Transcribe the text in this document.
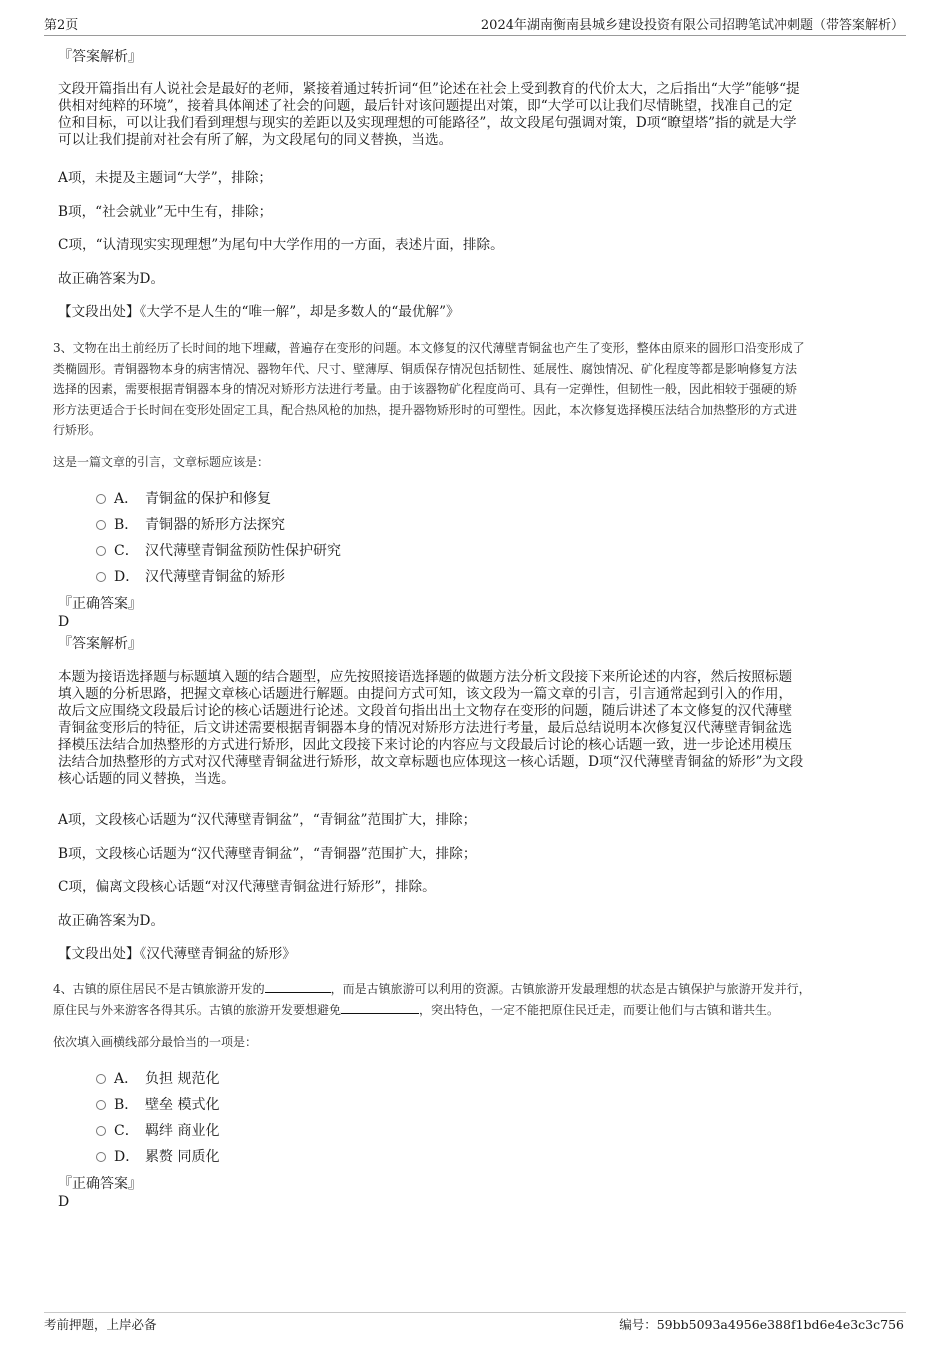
第2页	2024年湖南衡南县城乡建设投资有限公司招聘笔试冲刺题（带答案解析）
『答案解析』
文段开篇指出有人说社会是最好的老师，紧接着通过转折词“但”论述在社会上受到教育的代价太大，之后指出“大学”能够“提
供相对纯粹的环境”，接着具体阐述了社会的问题，最后针对该问题提出对策，即“大学可以让我们尽情眺望，找准自己的定
位和目标，可以让我们看到理想与现实的差距以及实现理想的可能路径”，故文段尾句强调对策，D项“瞭望塔”指的就是大学
可以让我们提前对社会有所了解，为文段尾句的同义替换，当选。
A项，未提及主题词“大学”，排除；
B项，“社会就业”无中生有，排除；
C项，“认清现实实现理想”为尾句中大学作用的一方面，表述片面，排除。
故正确答案为D。
【文段出处】《大学不是人生的“唯一解”，却是多数人的“最优解”》
3、文物在出土前经历了长时间的地下埋藏，普遍存在变形的问题。本文修复的汉代薄壁青铜盆也产生了变形，整体由原来的圆形口沿变形成了
类椭圆形。青铜器物本身的病害情况、器物年代、尺寸、壁薄厚、铜质保存情况包括韧性、延展性、腐蚀情况、矿化程度等都是影响修复方法
选择的因素，需要根据青铜器本身的情况对矫形方法进行考量。由于该器物矿化程度尚可、具有一定弹性，但韧性一般，因此相较于强硬的矫
形方法更适合于长时间在变形处固定工具，配合热风枪的加热，提升器物矫形时的可塑性。因此，本次修复选择模压法结合加热整形的方式进
行矫形。
这是一篇文章的引言，文章标题应该是：
A． 青铜盆的保护和修复
B． 青铜器的矫形方法探究
C． 汉代薄壁青铜盆预防性保护研究
D． 汉代薄壁青铜盆的矫形
『正确答案』
D
『答案解析』
本题为接语选择题与标题填入题的结合题型，应先按照接语选择题的做题方法分析文段接下来所论述的内容，然后按照标题
填入题的分析思路，把握文章核心话题进行解题。由提问方式可知，该文段为一篇文章的引言，引言通常起到引入的作用，
故后文应围绕文段最后讨论的核心话题进行论述。文段首句指出出土文物存在变形的问题，随后讲述了本文修复的汉代薄壁
青铜盆变形后的特征，后文讲述需要根据青铜器本身的情况对矫形方法进行考量，最后总结说明本次修复汉代薄壁青铜盆选
择模压法结合加热整形的方式进行矫形，因此文段接下来讨论的内容应与文段最后讨论的核心话题一致，进一步论述用模压
法结合加热整形的方式对汉代薄壁青铜盆进行矫形，故文章标题也应体现这一核心话题，D项“汉代薄壁青铜盆的矫形”为文段
核心话题的同义替换，当选。
A项，文段核心话题为“汉代薄壁青铜盆”，“青铜盆”范围扩大，排除；
B项，文段核心话题为“汉代薄壁青铜盆”，“青铜器”范围扩大，排除；
C项，偏离文段核心话题“对汉代薄壁青铜盆进行矫形”，排除。
故正确答案为D。
【文段出处】《汉代薄壁青铜盆的矫形》
4、古镇的原住居民不是古镇旅游开发的	，而是古镇旅游可以利用的资源。古镇旅游开发最理想的状态是古镇保护与旅游开发并行，
原住民与外来游客各得其乐。古镇的旅游开发要想避免	，突出特色，一定不能把原住民迁走，而要让他们与古镇和谐共生。
依次填入画横线部分最恰当的一项是：
A． 负担 规范化
B． 壁垒 模式化
C． 羁绊 商业化
D． 累赘 同质化
『正确答案』
D
考前押题，上岸必备	编号：59bb5093a4956e388f1bd6e4e3c3c756
